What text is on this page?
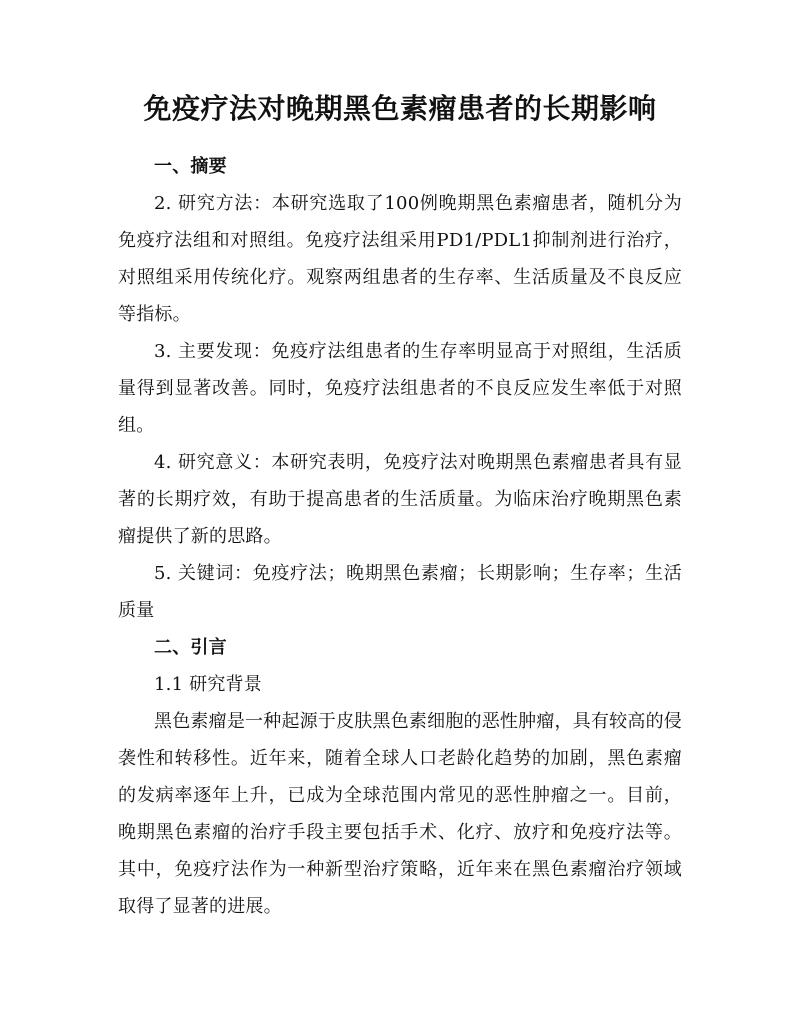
免疫疗法对晚期黑色素瘤患者的长期影响
一、摘要

2. 研究方法：本研究选取了100例晚期黑色素瘤患者，随机分为免疫疗法组和对照组。免疫疗法组采用PD1/PDL1抑制剂进行治疗，对照组采用传统化疗。观察两组患者的生存率、生活质量及不良反应等指标。

3. 主要发现：免疫疗法组患者的生存率明显高于对照组，生活质量得到显著改善。同时，免疫疗法组患者的不良反应发生率低于对照组。

4. 研究意义：本研究表明，免疫疗法对晚期黑色素瘤患者具有显著的长期疗效，有助于提高患者的生活质量。为临床治疗晚期黑色素瘤提供了新的思路。

5. 关键词：免疫疗法；晚期黑色素瘤；长期影响；生存率；生活质量

二、引言
1.1 研究背景

黑色素瘤是一种起源于皮肤黑色素细胞的恶性肿瘤，具有较高的侵袭性和转移性。近年来，随着全球人口老龄化趋势的加剧，黑色素瘤的发病率逐年上升，已成为全球范围内常见的恶性肿瘤之一。目前，晚期黑色素瘤的治疗手段主要包括手术、化疗、放疗和免疫疗法等。其中，免疫疗法作为一种新型治疗策略，近年来在黑色素瘤治疗领域取得了显著的进展。
